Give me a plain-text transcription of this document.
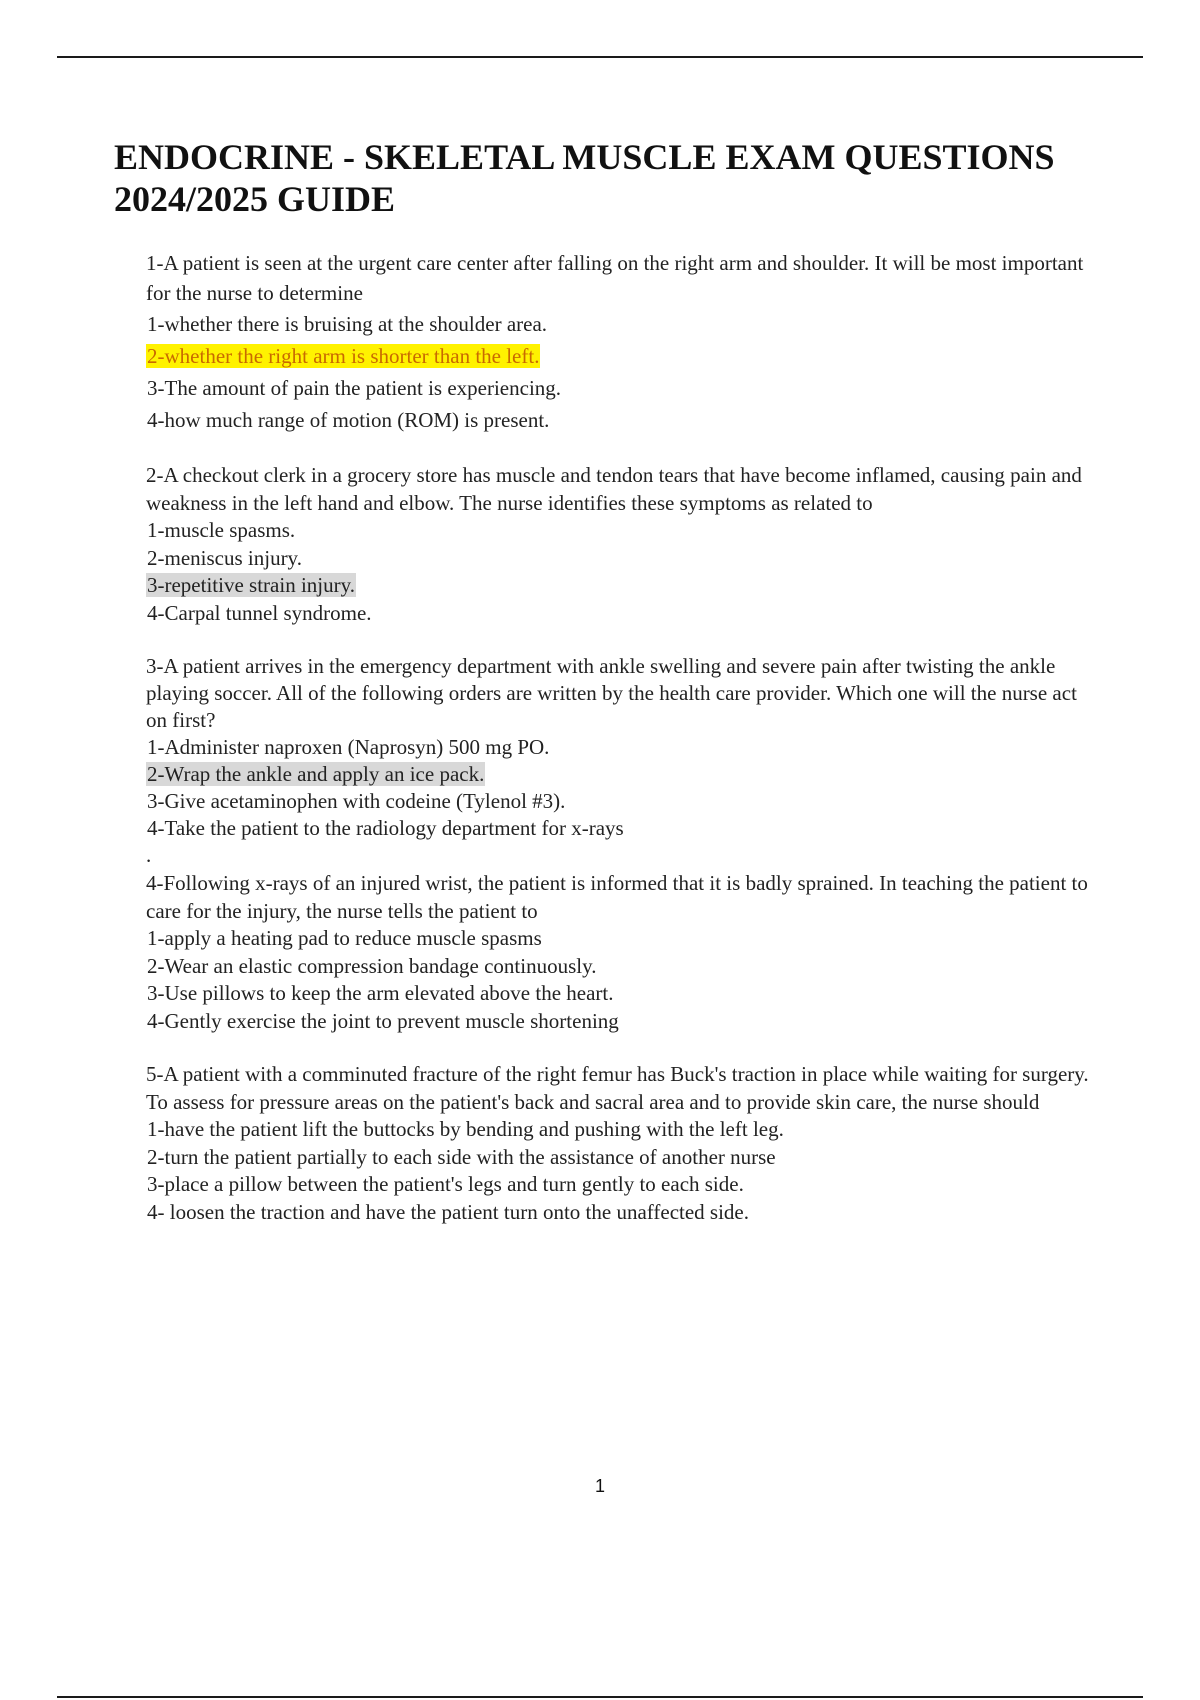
ENDOCRINE - SKELETAL MUSCLE EXAM QUESTIONS 2024/2025 GUIDE
1-A patient is seen at the urgent care center after falling on the right arm and shoulder. It will be most important for the nurse to determine
1-whether there is bruising at the shoulder area.
2-whether the right arm is shorter than the left.
3-The amount of pain the patient is experiencing.
4-how much range of motion (ROM) is present.
2-A checkout clerk in a grocery store has muscle and tendon tears that have become inflamed, causing pain and weakness in the left hand and elbow. The nurse identifies these symptoms as related to
1-muscle spasms.
2-meniscus injury.
3-repetitive strain injury.
4-Carpal tunnel syndrome.
3-A patient arrives in the emergency department with ankle swelling and severe pain after twisting the ankle playing soccer. All of the following orders are written by the health care provider. Which one will the nurse act on first?
1-Administer naproxen (Naprosyn) 500 mg PO.
2-Wrap the ankle and apply an ice pack.
3-Give acetaminophen with codeine (Tylenol #3).
4-Take the patient to the radiology department for x-rays
.
4-Following x-rays of an injured wrist, the patient is informed that it is badly sprained. In teaching the patient to care for the injury, the nurse tells the patient to
1-apply a heating pad to reduce muscle spasms
2-Wear an elastic compression bandage continuously.
3-Use pillows to keep the arm elevated above the heart.
4-Gently exercise the joint to prevent muscle shortening
5-A patient with a comminuted fracture of the right femur has Buck's traction in place while waiting for surgery. To assess for pressure areas on the patient's back and sacral area and to provide skin care, the nurse should
1-have the patient lift the buttocks by bending and pushing with the left leg.
2-turn the patient partially to each side with the assistance of another nurse
3-place a pillow between the patient's legs and turn gently to each side.
4- loosen the traction and have the patient turn onto the unaffected side.
1
